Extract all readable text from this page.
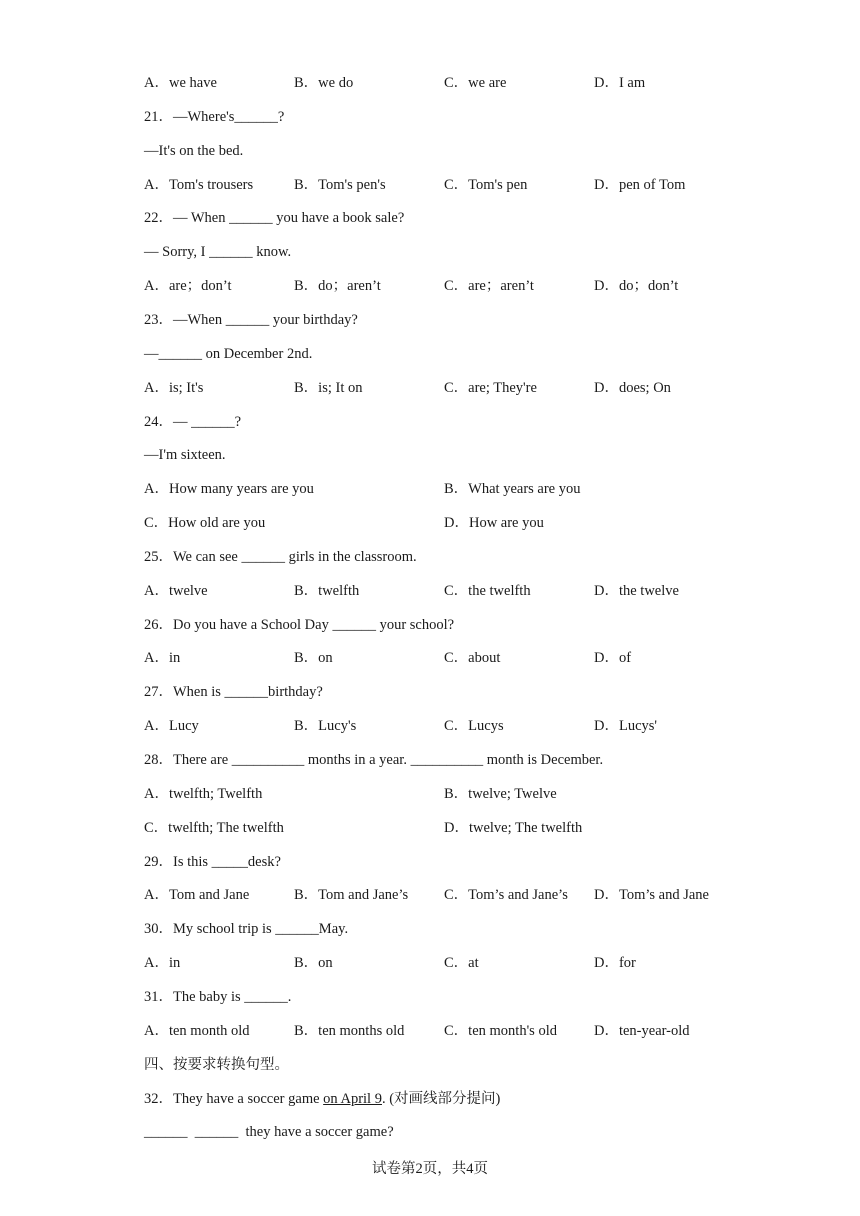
A．we have	B．we do	C．we are	D．I am
21．—Where's______?
—It's on the bed.
A．Tom's trousers	B．Tom's pen's	C．Tom's pen	D．pen of Tom
22．— When ______ you have a book sale?
— Sorry, I ______ know.
A．are；don’t	B．do；aren’t	C．are；aren’t	D．do；don’t
23．—When ______ your birthday?
—______ on December 2nd.
A．is; It's	B．is; It on	C．are; They're	D．does; On
24．— ______?
—I'm sixteen.
A．How many years are you	B．What years are you
C．How old are you	D．How are you
25．We can see ______ girls in the classroom.
A．twelve	B．twelfth	C．the twelfth	D．the twelve
26．Do you have a School Day ______ your school?
A．in	B．on	C．about	D．of
27．When is ______birthday?
A．Lucy	B．Lucy's	C．Lucys	D．Lucys'
28．There are __________ months in a year. __________ month is December.
A．twelfth; Twelfth	B．twelve; Twelve
C．twelfth; The twelfth	D．twelve; The twelfth
29．Is this _____desk?
A．Tom and Jane	B．Tom and Jane’s C．Tom’s and Jane’s D．Tom’s and Jane
30．My school trip is ______May.
A．in	B．on	C．at	D．for
31．The baby is ______.
A．ten month old	B．ten months old	C．ten month's old	D．ten-year-old
四、按要求转换句型。
32．They have a soccer game on April 9. (对画线部分提问)
______  ______  they have a soccer game?
试卷第2页，共4页
